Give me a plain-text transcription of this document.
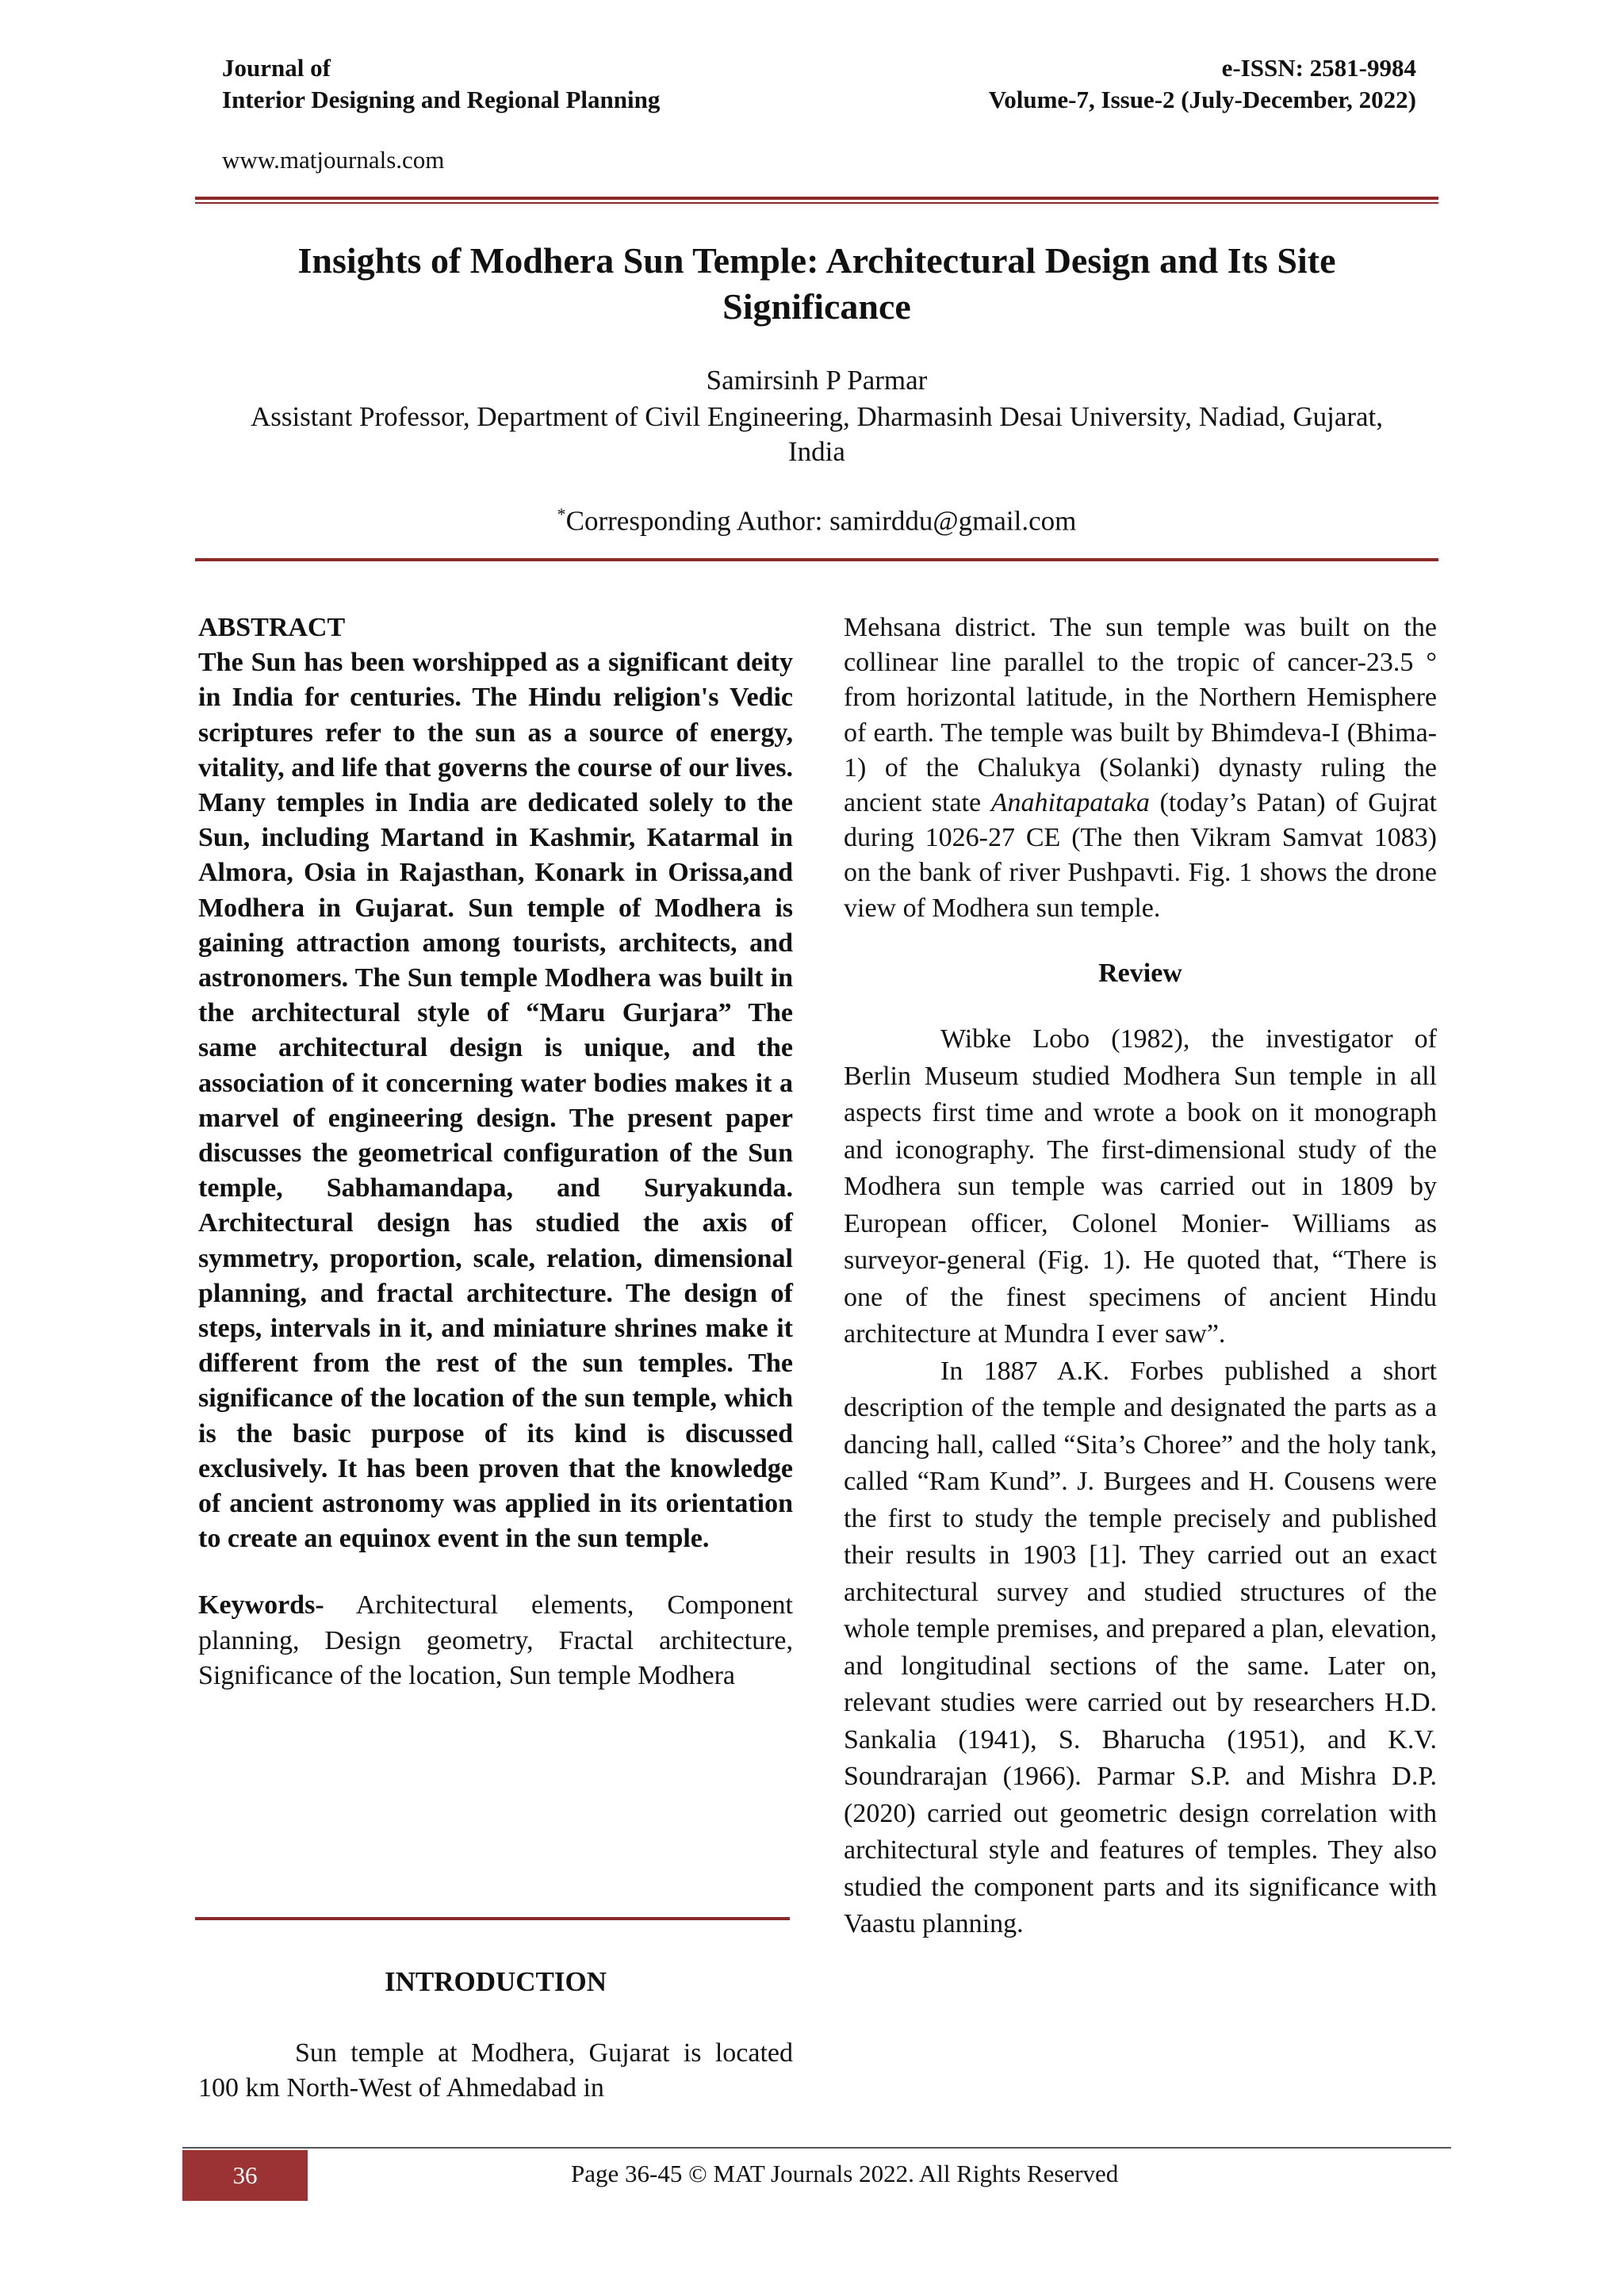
Journal of
Interior Designing and Regional Planning
e-ISSN: 2581-9984
Volume-7, Issue-2 (July-December, 2022)
www.matjournals.com
Insights of Modhera Sun Temple: Architectural Design and Its Site
Significance
Samirsinh P Parmar
Assistant Professor, Department of Civil Engineering, Dharmasinh Desai University, Nadiad, Gujarat,
India
*Corresponding Author: samirddu@gmail.com

ABSTRACT

The Sun has been worshipped as a significant deity in India for centuries. The Hindu religion's Vedic scriptures refer to the sun as a source of energy, vitality, and life that governs the course of our lives. Many temples in India are dedicated solely to the Sun, including Martand in Kashmir, Katarmal in Almora, Osia in Rajasthan, Konark in Orissa,and Modhera in Gujarat. Sun temple of Modhera is gaining attraction among tourists, architects, and astronomers. The Sun temple Modhera was built in the architectural style of “Maru Gurjara” The same architectural design is unique, and the association of it concerning water bodies makes it a marvel of engineering design. The present paper discusses the geometrical configuration of the Sun temple, Sabhamandapa, and Suryakunda. Architectural design has studied the axis of symmetry, proportion, scale, relation, dimensional planning, and fractal architecture. The design of steps, intervals in it, and miniature shrines make it different from the rest of the sun temples. The significance of the location of the sun temple, which is the basic purpose of its kind is discussed exclusively. It has been proven that the knowledge of ancient astronomy was applied in its orientation to create an equinox event in the sun temple.

Keywords- Architectural elements, Component planning, Design geometry, Fractal architecture, Significance of the location, Sun temple Modhera

INTRODUCTION
Sun temple at Modhera, Gujarat is located 100 km North-West of Ahmedabad in

Mehsana district. The sun temple was built on the collinear line parallel to the tropic of cancer-23.5 ° from horizontal latitude, in the Northern Hemisphere of earth. The temple was built by Bhimdeva-I (Bhima-1) of the Chalukya (Solanki) dynasty ruling the ancient state Anahitapataka (today’s Patan) of Gujrat during 1026-27 CE (The then Vikram Samvat 1083) on the bank of river Pushpavti. Fig. 1 shows the drone view of Modhera sun temple.

Review

Wibke Lobo (1982), the investigator of Berlin Museum studied Modhera Sun temple in all aspects first time and wrote a book on it monograph and iconography. The first-dimensional study of the Modhera sun temple was carried out in 1809 by European officer, Colonel Monier- Williams as surveyor-general (Fig. 1). He quoted that, “There is one of the finest specimens of ancient Hindu architecture at Mundra I ever saw”.

In 1887 A.K. Forbes published a short description of the temple and designated the parts as a dancing hall, called “Sita’s Choree” and the holy tank, called “Ram Kund”. J. Burgees and H. Cousens were the first to study the temple precisely and published their results in 1903 [1]. They carried out an exact architectural survey and studied structures of the whole temple premises, and prepared a plan, elevation, and longitudinal sections of the same. Later on, relevant studies were carried out by researchers H.D. Sankalia (1941), S. Bharucha (1951), and K.V. Soundrarajan (1966). Parmar S.P. and Mishra D.P. (2020) carried out geometric design correlation with architectural style and features of temples. They also studied the component parts and its significance with Vaastu planning.

36	Page 36-45 © MAT Journals 2022. All Rights Reserved
